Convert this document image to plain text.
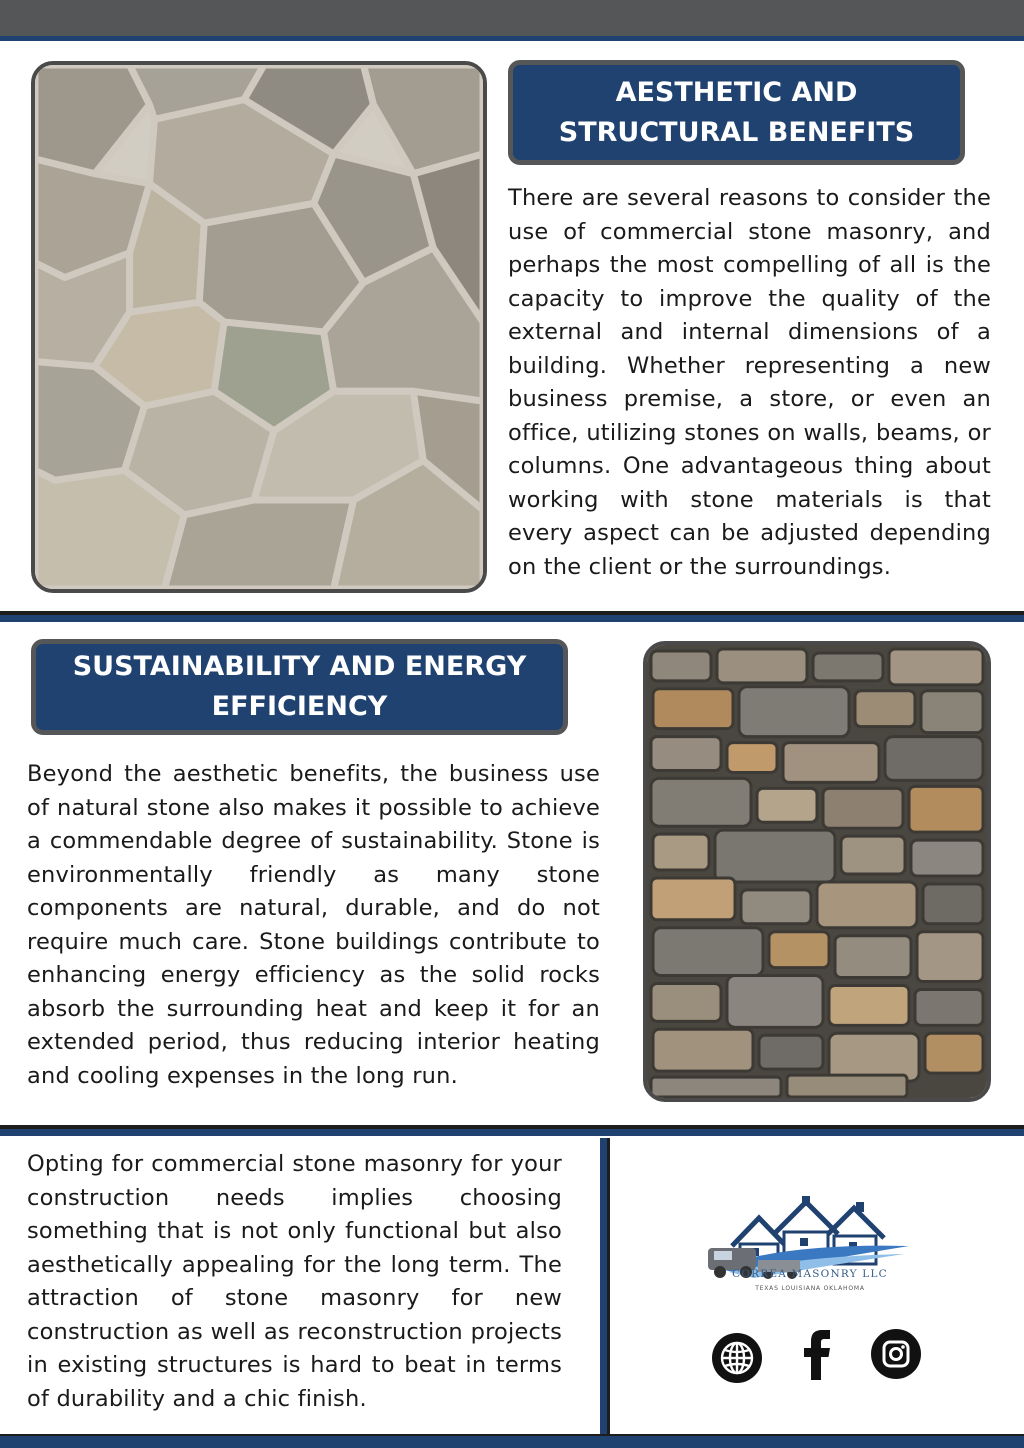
AESTHETIC AND STRUCTURAL BENEFITS

There are several reasons to consider the use of commercial stone masonry, and perhaps the most compelling of all is the capacity to improve the quality of the external and internal dimensions of a building. Whether representing a new business premise, a store, or even an office, utilizing stones on walls, beams, or columns. One advantageous thing about working with stone materials is that every aspect can be adjusted depending on the client or the surroundings.

SUSTAINABILITY AND ENERGY EFFICIENCY

Beyond the aesthetic benefits, the business use of natural stone also makes it possible to achieve a commendable degree of sustainability. Stone is environmentally friendly as many stone components are natural, durable, and do not require much care. Stone buildings contribute to enhancing energy efficiency as the solid rocks absorb the surrounding heat and keep it for an extended period, thus reducing interior heating and cooling expenses in the long run.

Opting for commercial stone masonry for your construction needs implies choosing something that is not only functional but also aesthetically appealing for the long term. The attraction of stone masonry for new construction as well as reconstruction projects in existing structures is hard to beat in terms of durability and a chic finish.

CORREA MASONRY LLC
TEXAS LOUISIANA OKLAHOMA
